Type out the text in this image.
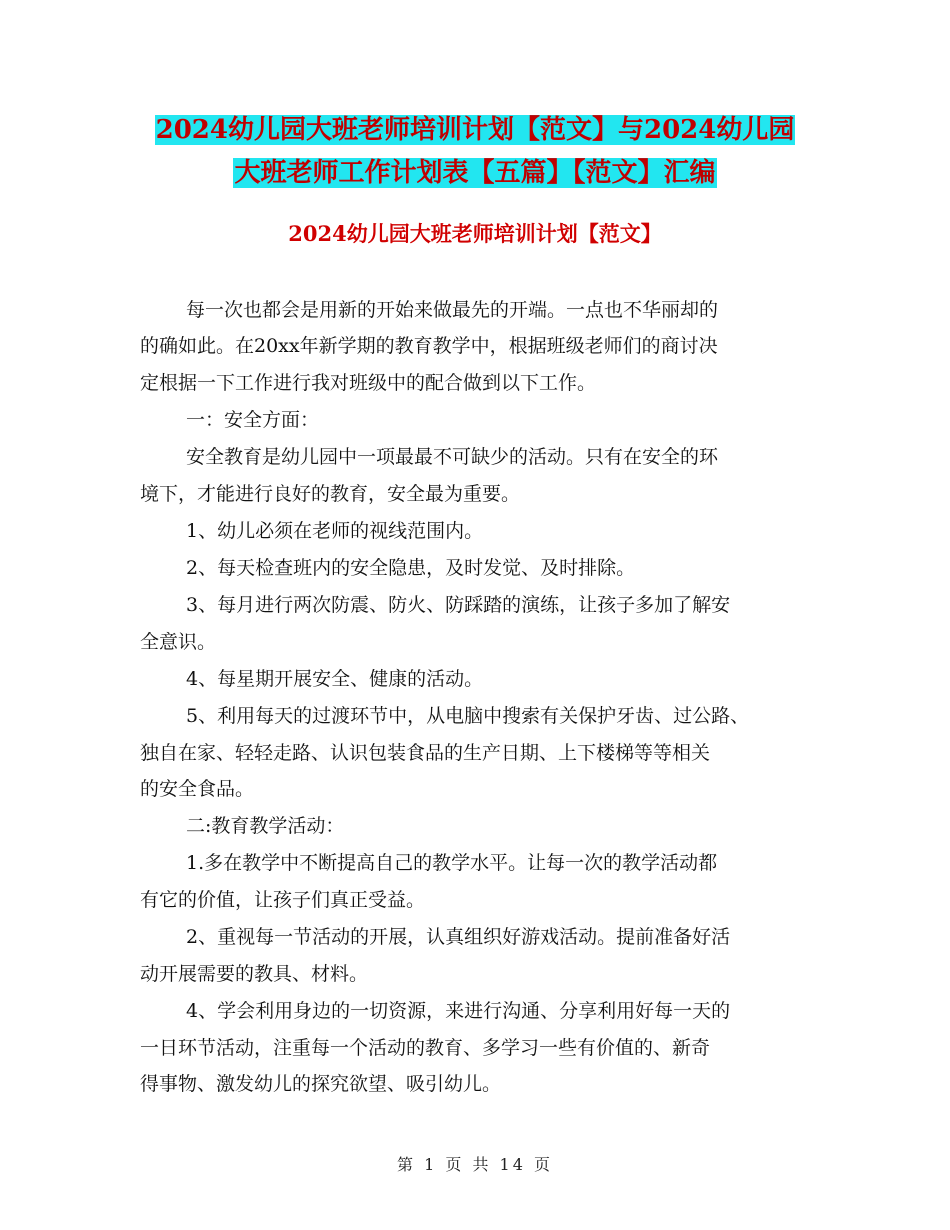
2024幼儿园大班老师培训计划【范文】与2024幼儿园
大班老师工作计划表【五篇】【范文】汇编
2024幼儿园大班老师培训计划【范文】

每一次也都会是用新的开始来做最先的开端。一点也不华丽却的

的确如此。在20xx年新学期的教育教学中，根据班级老师们的商讨决

定根据一下工作进行我对班级中的配合做到以下工作。

一：安全方面：

安全教育是幼儿园中一项最最不可缺少的活动。只有在安全的环

境下，才能进行良好的教育，安全最为重要。

1、幼儿必须在老师的视线范围内。

2、每天检查班内的安全隐患，及时发觉、及时排除。

3、每月进行两次防震、防火、防踩踏的演练，让孩子多加了解安

全意识。

4、每星期开展安全、健康的活动。

5、利用每天的过渡环节中，从电脑中搜索有关保护牙齿、过公路、

独自在家、轻轻走路、认识包装食品的生产日期、上下楼梯等等相关

的安全食品。

二:教育教学活动：

1.多在教学中不断提高自己的教学水平。让每一次的教学活动都

有它的价值，让孩子们真正受益。

2、重视每一节活动的开展，认真组织好游戏活动。提前准备好活

动开展需要的教具、材料。

4、学会利用身边的一切资源，来进行沟通、分享利用好每一天的

一日环节活动，注重每一个活动的教育、多学习一些有价值的、新奇

得事物、激发幼儿的探究欲望、吸引幼儿。

第 1 页 共 14 页
